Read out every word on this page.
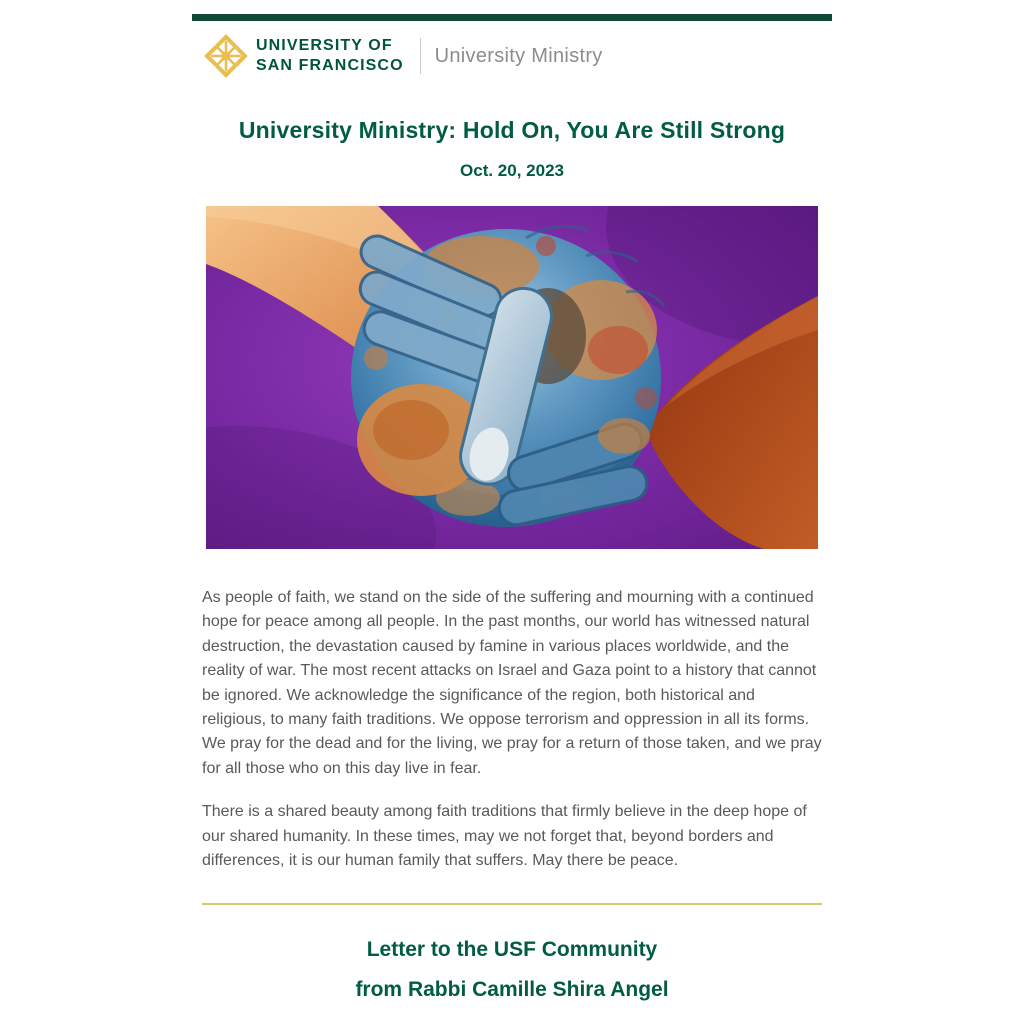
UNIVERSITY OF
SAN FRANCISCO University Ministry
University Ministry: Hold On, You Are Still Strong
Oct. 20, 2023

As people of faith, we stand on the side of the suffering and mourning with a continued hope for peace among all people. In the past months, our world has witnessed natural destruction, the devastation caused by famine in various places worldwide, and the reality of war. The most recent attacks on Israel and Gaza point to a history that cannot be ignored. We acknowledge the significance of the region, both historical and religious, to many faith traditions. We oppose terrorism and oppression in all its forms. We pray for the dead and for the living, we pray for a return of those taken, and we pray for all those who on this day live in fear.

There is a shared beauty among faith traditions that firmly believe in the deep hope of our shared humanity. In these times, may we not forget that, beyond borders and differences, it is our human family that suffers. May there be peace.

Letter to the USF Community
from Rabbi Camille Shira Angel
